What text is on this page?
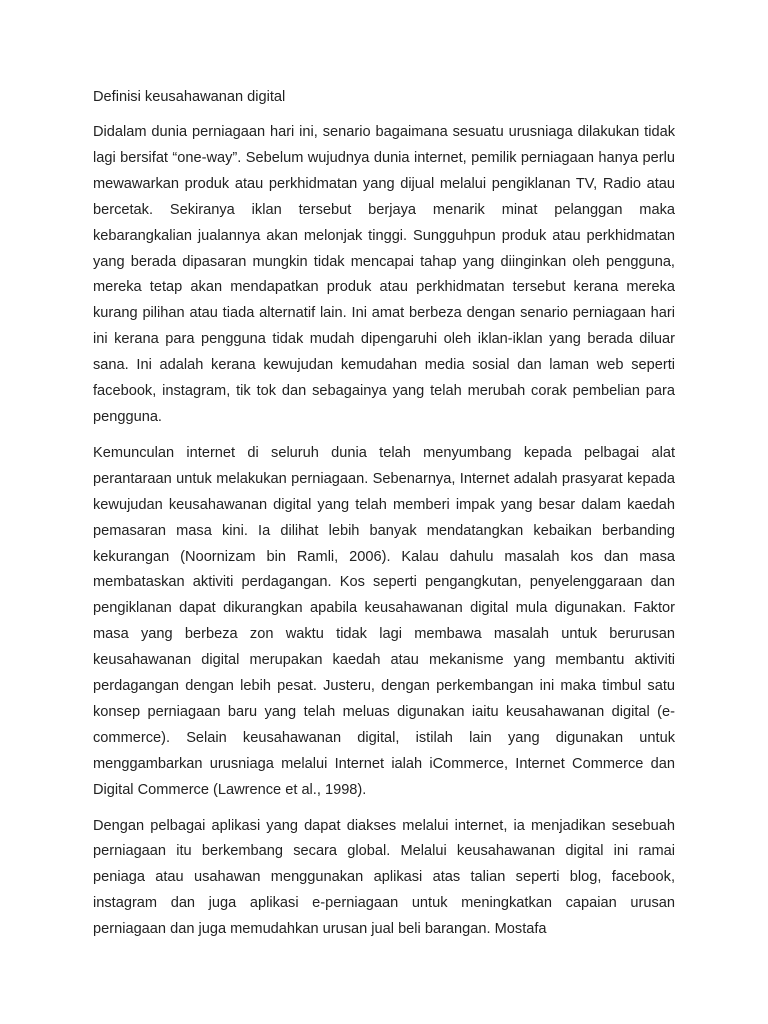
Definisi keusahawanan digital

Didalam dunia perniagaan hari ini, senario bagaimana sesuatu urusniaga dilakukan tidak lagi bersifat “one-way”. Sebelum wujudnya dunia internet, pemilik perniagaan hanya perlu mewawarkan produk atau perkhidmatan yang dijual melalui pengiklanan TV, Radio atau bercetak. Sekiranya iklan tersebut berjaya menarik minat pelanggan maka kebarangkalian jualannya akan melonjak tinggi. Sungguhpun produk atau perkhidmatan yang berada dipasaran mungkin tidak mencapai tahap yang diinginkan oleh pengguna, mereka tetap akan mendapatkan produk atau perkhidmatan tersebut kerana mereka kurang pilihan atau tiada alternatif lain. Ini amat berbeza dengan senario perniagaan hari ini kerana para pengguna tidak mudah dipengaruhi oleh iklan-iklan yang berada diluar sana. Ini adalah kerana kewujudan kemudahan media sosial dan laman web seperti facebook, instagram, tik tok dan sebagainya yang telah merubah corak pembelian para pengguna.

Kemunculan internet di seluruh dunia telah menyumbang kepada pelbagai alat perantaraan untuk melakukan perniagaan. Sebenarnya, Internet adalah prasyarat kepada kewujudan keusahawanan digital yang telah memberi impak yang besar dalam kaedah pemasaran masa kini. Ia dilihat lebih banyak mendatangkan kebaikan berbanding kekurangan (Noornizam bin Ramli, 2006). Kalau dahulu masalah kos dan masa membataskan aktiviti perdagangan. Kos seperti pengangkutan, penyelenggaraan dan pengiklanan dapat dikurangkan apabila keusahawanan digital mula digunakan. Faktor masa yang berbeza zon waktu tidak lagi membawa masalah untuk berurusan keusahawanan digital merupakan kaedah atau mekanisme yang membantu aktiviti perdagangan dengan lebih pesat. Justeru, dengan perkembangan ini maka timbul satu konsep perniagaan baru yang telah meluas digunakan iaitu keusahawanan digital (e-commerce). Selain keusahawanan digital, istilah lain yang digunakan untuk menggambarkan urusniaga melalui Internet ialah iCommerce, Internet Commerce dan Digital Commerce (Lawrence et al., 1998).

Dengan pelbagai aplikasi yang dapat diakses melalui internet, ia menjadikan sesebuah perniagaan itu berkembang secara global. Melalui keusahawanan digital ini ramai peniaga atau usahawan menggunakan aplikasi atas talian seperti blog, facebook, instagram dan juga aplikasi e-perniagaan untuk meningkatkan capaian urusan perniagaan dan juga memudahkan urusan jual beli barangan. Mostafa
